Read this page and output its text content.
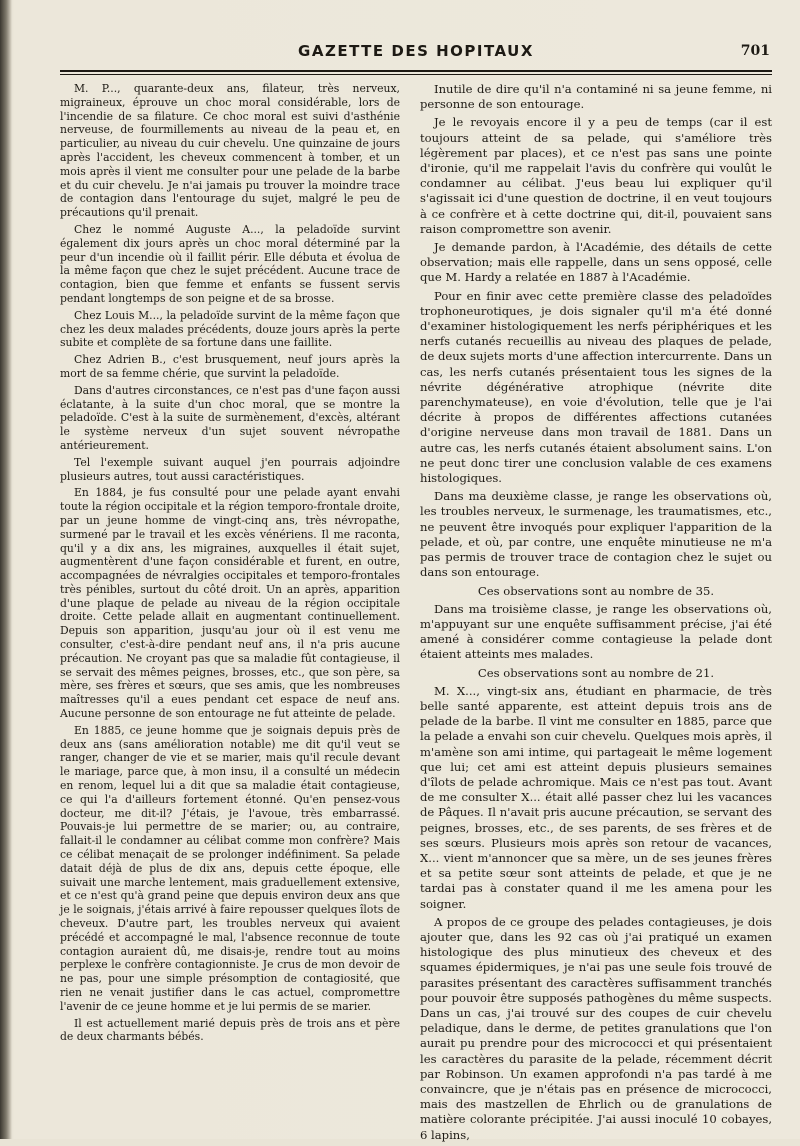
GAZETTE DES HOPITAUX	701

M. P..., quarante-deux ans, filateur, très nerveux, migraineux, éprouve un choc moral considérable, lors de l'incendie de sa filature. Ce choc moral est suivi d'asthénie nerveuse, de fourmillements au niveau de la peau et, en particulier, au niveau du cuir chevelu. Une quinzaine de jours après l'accident, les cheveux commencent à tomber, et un mois après il vient me consulter pour une pelade de la barbe et du cuir chevelu. Je n'ai jamais pu trouver la moindre trace de contagion dans l'entourage du sujet, malgré le peu de précautions qu'il prenait.

Chez le nommé Auguste A..., la peladoïde survint également dix jours après un choc moral déterminé par la peur d'un incendie où il faillit périr. Elle débuta et évolua de la même façon que chez le sujet précédent. Aucune trace de contagion, bien que femme et enfants se fussent servis pendant longtemps de son peigne et de sa brosse.

Chez Louis M..., la peladoïde survint de la même façon que chez les deux malades précédents, douze jours après la perte subite et complète de sa fortune dans une faillite.

Chez Adrien B., c'est brusquement, neuf jours après la mort de sa femme chérie, que survint la peladoïde.

Dans d'autres circonstances, ce n'est pas d'une façon aussi éclatante, à la suite d'un choc moral, que se montre la peladoïde. C'est à la suite de surmènement, d'excès, altérant le système nerveux d'un sujet souvent névropathe antérieurement.

Tel l'exemple suivant auquel j'en pourrais adjoindre plusieurs autres, tout aussi caractéristiques.

En 1884, je fus consulté pour une pelade ayant envahi toute la région occipitale et la région temporo-frontale droite, par un jeune homme de vingt-cinq ans, très névropathe, surmené par le travail et les excès vénériens. Il me raconta, qu'il y a dix ans, les migraines, auxquelles il était sujet, augmentèrent d'une façon considérable et furent, en outre, accompagnées de névralgies occipitales et temporo-frontales très pénibles, surtout du côté droit. Un an après, apparition d'une plaque de pelade au niveau de la région occipitale droite. Cette pelade allait en augmentant continuellement. Depuis son apparition, jusqu'au jour où il est venu me consulter, c'est-à-dire pendant neuf ans, il n'a pris aucune précaution. Ne croyant pas que sa maladie fût contagieuse, il se servait des mêmes peignes, brosses, etc., que son père, sa mère, ses frères et sœurs, que ses amis, que les nombreuses maîtresses qu'il a eues pendant cet espace de neuf ans. Aucune personne de son entourage ne fut atteinte de pelade.

En 1885, ce jeune homme que je soignais depuis près de deux ans (sans amélioration notable) me dit qu'il veut se ranger, changer de vie et se marier, mais qu'il recule devant le mariage, parce que, à mon insu, il a consulté un médecin en renom, lequel lui a dit que sa maladie était contagieuse, ce qui l'a d'ailleurs fortement étonné. Qu'en pensez-vous docteur, me dit-il? J'étais, je l'avoue, très embarrassé. Pouvais-je lui permettre de se marier; ou, au contraire, fallait-il le condamner au célibat comme mon confrère? Mais ce célibat menaçait de se prolonger indéfiniment. Sa pelade datait déjà de plus de dix ans, depuis cette époque, elle suivait une marche lentement, mais graduellement extensive, et ce n'est qu'à grand peine que depuis environ deux ans que je le soignais, j'étais arrivé à faire repousser quelques îlots de cheveux. D'autre part, les troubles nerveux qui avaient précédé et accompagné le mal, l'absence reconnue de toute contagion auraient dû, me disais-je, rendre tout au moins perplexe le confrère contagionniste. Je crus de mon devoir de ne pas, pour une simple présomption de contagiosité, que rien ne venait justifier dans le cas actuel, compromettre l'avenir de ce jeune homme et je lui permis de se marier.

Il est actuellement marié depuis près de trois ans et père de deux charmants bébés.

Inutile de dire qu'il n'a contaminé ni sa jeune femme, ni personne de son entourage.

Je le revoyais encore il y a peu de temps (car il est toujours atteint de sa pelade, qui s'améliore très légèrement par places), et ce n'est pas sans une pointe d'ironie, qu'il me rappelait l'avis du confrère qui voulût le condamner au célibat. J'eus beau lui expliquer qu'il s'agissait ici d'une question de doctrine, il en veut toujours à ce confrère et à cette doctrine qui, dit-il, pouvaient sans raison compromettre son avenir.

Je demande pardon, à l'Académie, des détails de cette observation; mais elle rappelle, dans un sens opposé, celle que M. Hardy a relatée en 1887 à l'Académie.

Pour en finir avec cette première classe des peladoïdes trophoneurotiques, je dois signaler qu'il m'a été donné d'examiner histologiquement les nerfs périphériques et les nerfs cutanés recueillis au niveau des plaques de pelade, de deux sujets morts d'une affection intercurrente. Dans un cas, les nerfs cutanés présentaient tous les signes de la névrite dégénérative atrophique (névrite dite parenchymateuse), en voie d'évolution, telle que je l'ai décrite à propos de différentes affections cutanées d'origine nerveuse dans mon travail de 1881. Dans un autre cas, les nerfs cutanés étaient absolument sains. L'on ne peut donc tirer une conclusion valable de ces examens histologiques.

Dans ma deuxième classe, je range les observations où, les troubles nerveux, le surmenage, les traumatismes, etc., ne peuvent être invoqués pour expliquer l'apparition de la pelade, et où, par contre, une enquête minutieuse ne m'a pas permis de trouver trace de contagion chez le sujet ou dans son entourage.

Ces observations sont au nombre de 35.

Dans ma troisième classe, je range les observations où, m'appuyant sur une enquête suffisamment précise, j'ai été amené à considérer comme contagieuse la pelade dont étaient atteints mes malades.

Ces observations sont au nombre de 21.

M. X..., vingt-six ans, étudiant en pharmacie, de très belle santé apparente, est atteint depuis trois ans de pelade de la barbe. Il vint me consulter en 1885, parce que la pelade a envahi son cuir chevelu. Quelques mois après, il m'amène son ami intime, qui partageait le même logement que lui; cet ami est atteint depuis plusieurs semaines d'îlots de pelade achromique. Mais ce n'est pas tout. Avant de me consulter X... était allé passer chez lui les vacances de Pâques. Il n'avait pris aucune précaution, se servant des peignes, brosses, etc., de ses parents, de ses frères et de ses sœurs. Plusieurs mois après son retour de vacances, X... vient m'annoncer que sa mère, un de ses jeunes frères et sa petite sœur sont atteints de pelade, et que je ne tardai pas à constater quand il me les amena pour les soigner.

A propos de ce groupe des pelades contagieuses, je dois ajouter que, dans les 92 cas où j'ai pratiqué un examen histologique des plus minutieux des cheveux et des squames épidermiques, je n'ai pas une seule fois trouvé de parasites présentant des caractères suffisamment tranchés pour pouvoir être supposés pathogènes du même suspects. Dans un cas, j'ai trouvé sur des coupes de cuir chevelu peladique, dans le derme, de petites granulations que l'on aurait pu prendre pour des micrococci et qui présentaient les caractères du parasite de la pelade, récemment décrit par Robinson. Un examen approfondi n'a pas tardé à me convaincre, que je n'étais pas en présence de micrococci, mais des mastzellen de Ehrlich ou de granulations de matière colorante précipitée. J'ai aussi inoculé 10 cobayes, 6 lapins,
